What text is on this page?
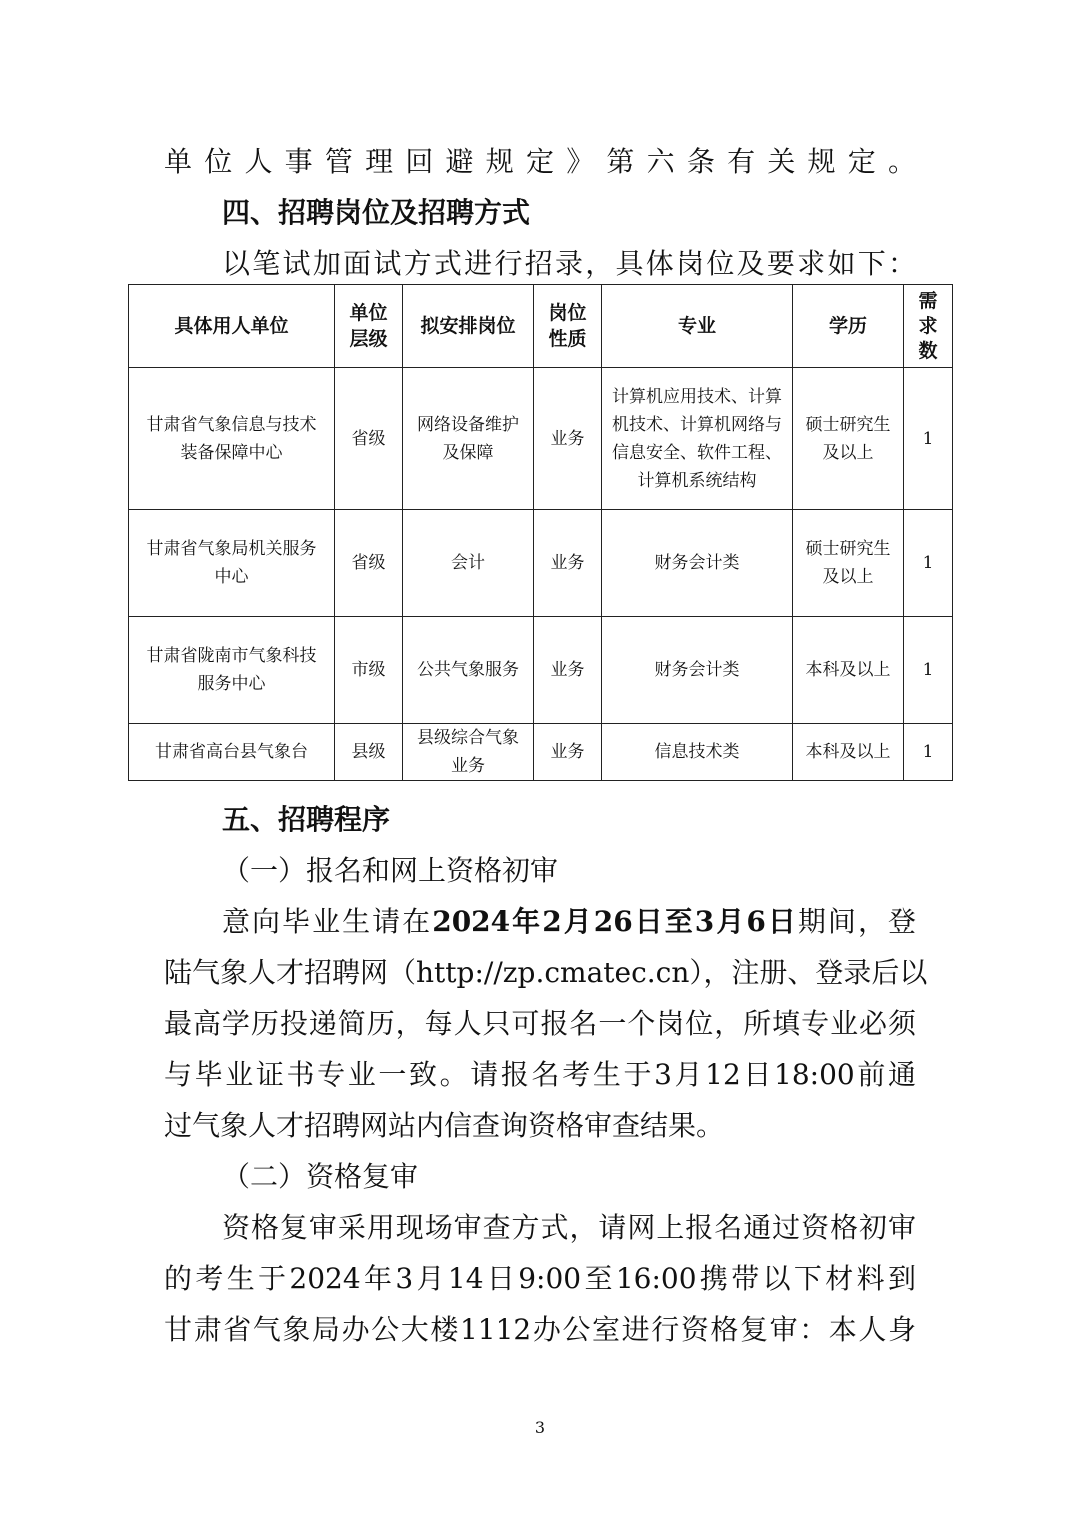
单位人事管理回避规定》第六条有关规定。
四、招聘岗位及招聘方式
以笔试加面试方式进行招录，具体岗位及要求如下：
具体用人单位	单位层级	拟安排岗位	岗位性质	专业	学历	需求数
甘肃省气象信息与技术装备保障中心	省级	网络设备维护及保障	业务	计算机应用技术、计算机技术、计算机网络与信息安全、软件工程、计算机系统结构	硕士研究生及以上	1
甘肃省气象局机关服务中心	省级	会计	业务	财务会计类	硕士研究生及以上	1
甘肃省陇南市气象科技服务中心	市级	公共气象服务	业务	财务会计类	本科及以上	1
甘肃省高台县气象台	县级	县级综合气象业务	业务	信息技术类	本科及以上	1
五、招聘程序
（一）报名和网上资格初审
意向毕业生请在2024年2月26日至3月6日期间，登
陆气象人才招聘网（http://zp.cmatec.cn），注册、登录后以
最高学历投递简历，每人只可报名一个岗位，所填专业必须
与毕业证书专业一致。请报名考生于3月12日18:00前通
过气象人才招聘网站内信查询资格审查结果。
（二）资格复审
资格复审采用现场审查方式，请网上报名通过资格初审
的考生于2024年3月14日9:00至16:00携带以下材料到
甘肃省气象局办公大楼1112办公室进行资格复审：本人身
3
